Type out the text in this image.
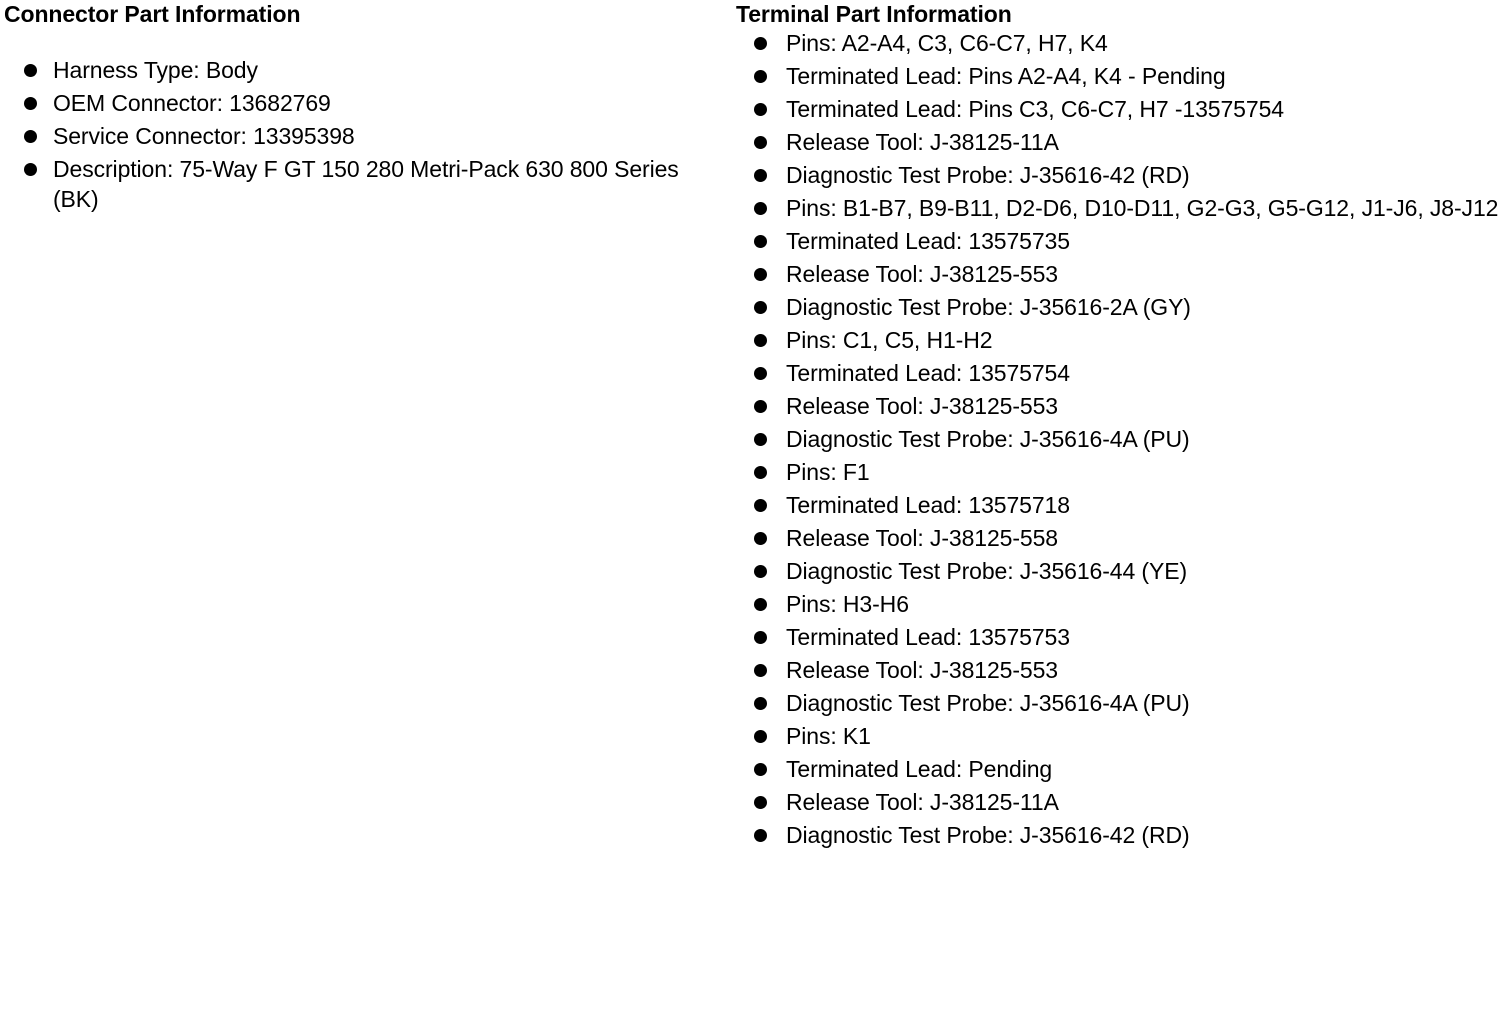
Connector Part Information
Harness Type: Body
OEM Connector: 13682769
Service Connector: 13395398
Description: 75-Way F GT 150 280 Metri-Pack 630 800 Series (BK)
Terminal Part Information
Pins: A2-A4, C3, C6-C7, H7, K4
Terminated Lead: Pins A2-A4, K4 - Pending
Terminated Lead: Pins C3, C6-C7, H7 -13575754
Release Tool: J-38125-11A
Diagnostic Test Probe: J-35616-42 (RD)
Pins: B1-B7, B9-B11, D2-D6, D10-D11, G2-G3, G5-G12, J1-J6, J8-J12
Terminated Lead: 13575735
Release Tool: J-38125-553
Diagnostic Test Probe: J-35616-2A (GY)
Pins: C1, C5, H1-H2
Terminated Lead: 13575754
Release Tool: J-38125-553
Diagnostic Test Probe: J-35616-4A (PU)
Pins: F1
Terminated Lead: 13575718
Release Tool: J-38125-558
Diagnostic Test Probe: J-35616-44 (YE)
Pins: H3-H6
Terminated Lead: 13575753
Release Tool: J-38125-553
Diagnostic Test Probe: J-35616-4A (PU)
Pins: K1
Terminated Lead: Pending
Release Tool: J-38125-11A
Diagnostic Test Probe: J-35616-42 (RD)
